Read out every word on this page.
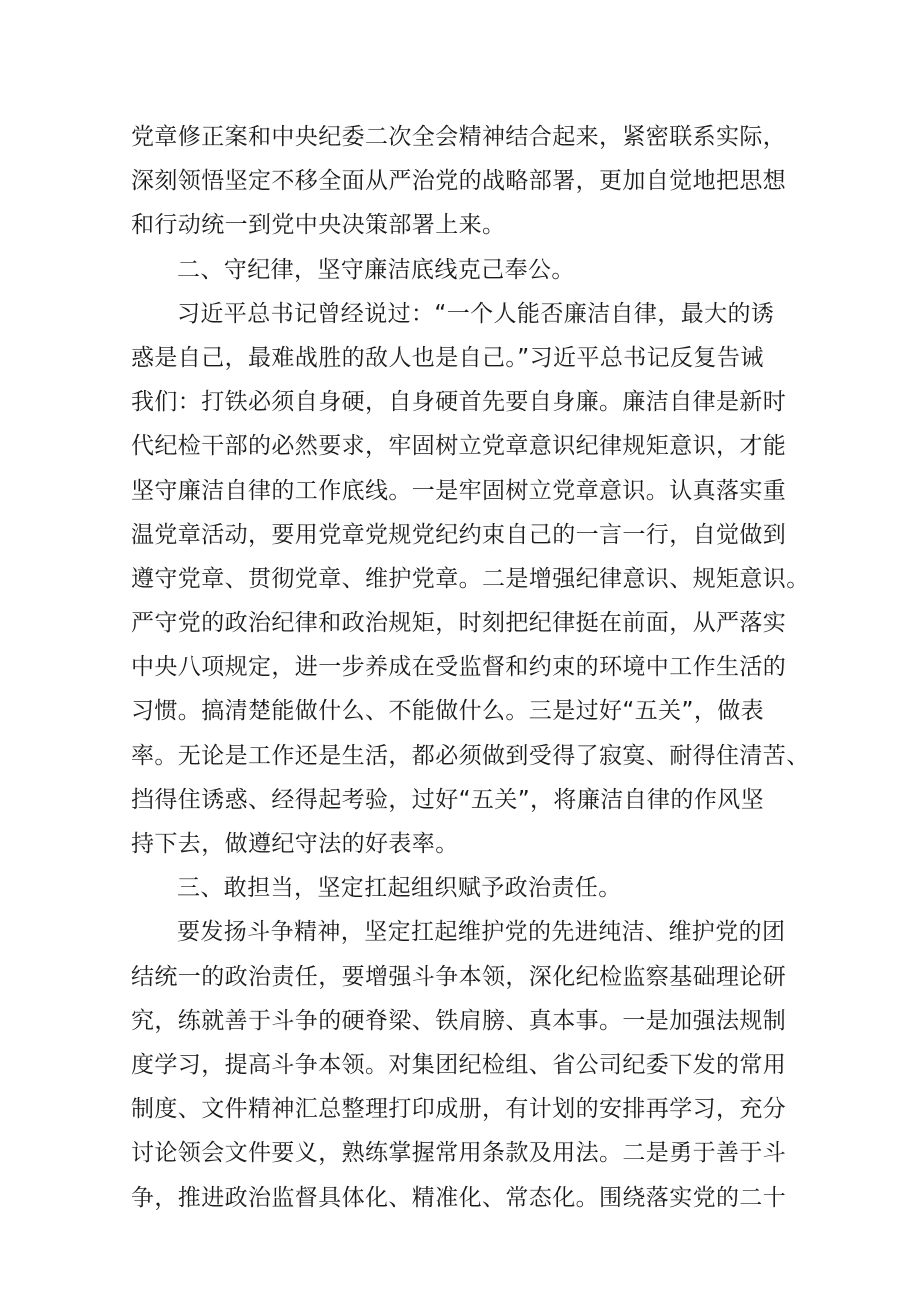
党章修正案和中央纪委二次全会精神结合起来，紧密联系实际，
深刻领悟坚定不移全面从严治党的战略部署，更加自觉地把思想
和行动统一到党中央决策部署上来。
二、守纪律，坚守廉洁底线克己奉公。
习近平总书记曾经说过：“一个人能否廉洁自律，最大的诱
惑是自己，最难战胜的敌人也是自己。”习近平总书记反复告诫
我们：打铁必须自身硬，自身硬首先要自身廉。廉洁自律是新时
代纪检干部的必然要求，牢固树立党章意识纪律规矩意识，才能
坚守廉洁自律的工作底线。一是牢固树立党章意识。认真落实重
温党章活动，要用党章党规党纪约束自己的一言一行，自觉做到
遵守党章、贯彻党章、维护党章。二是增强纪律意识、规矩意识。
严守党的政治纪律和政治规矩，时刻把纪律挺在前面，从严落实
中央八项规定，进一步养成在受监督和约束的环境中工作生活的
习惯。搞清楚能做什么、不能做什么。三是过好“五关”，做表
率。无论是工作还是生活，都必须做到受得了寂寞、耐得住清苦、
挡得住诱惑、经得起考验，过好“五关”，将廉洁自律的作风坚
持下去，做遵纪守法的好表率。
三、敢担当，坚定扛起组织赋予政治责任。
要发扬斗争精神，坚定扛起维护党的先进纯洁、维护党的团
结统一的政治责任，要增强斗争本领，深化纪检监察基础理论研
究，练就善于斗争的硬脊梁、铁肩膀、真本事。一是加强法规制
度学习，提高斗争本领。对集团纪检组、省公司纪委下发的常用
制度、文件精神汇总整理打印成册，有计划的安排再学习，充分
讨论领会文件要义，熟练掌握常用条款及用法。二是勇于善于斗
争，推进政治监督具体化、精准化、常态化。围绕落实党的二十
